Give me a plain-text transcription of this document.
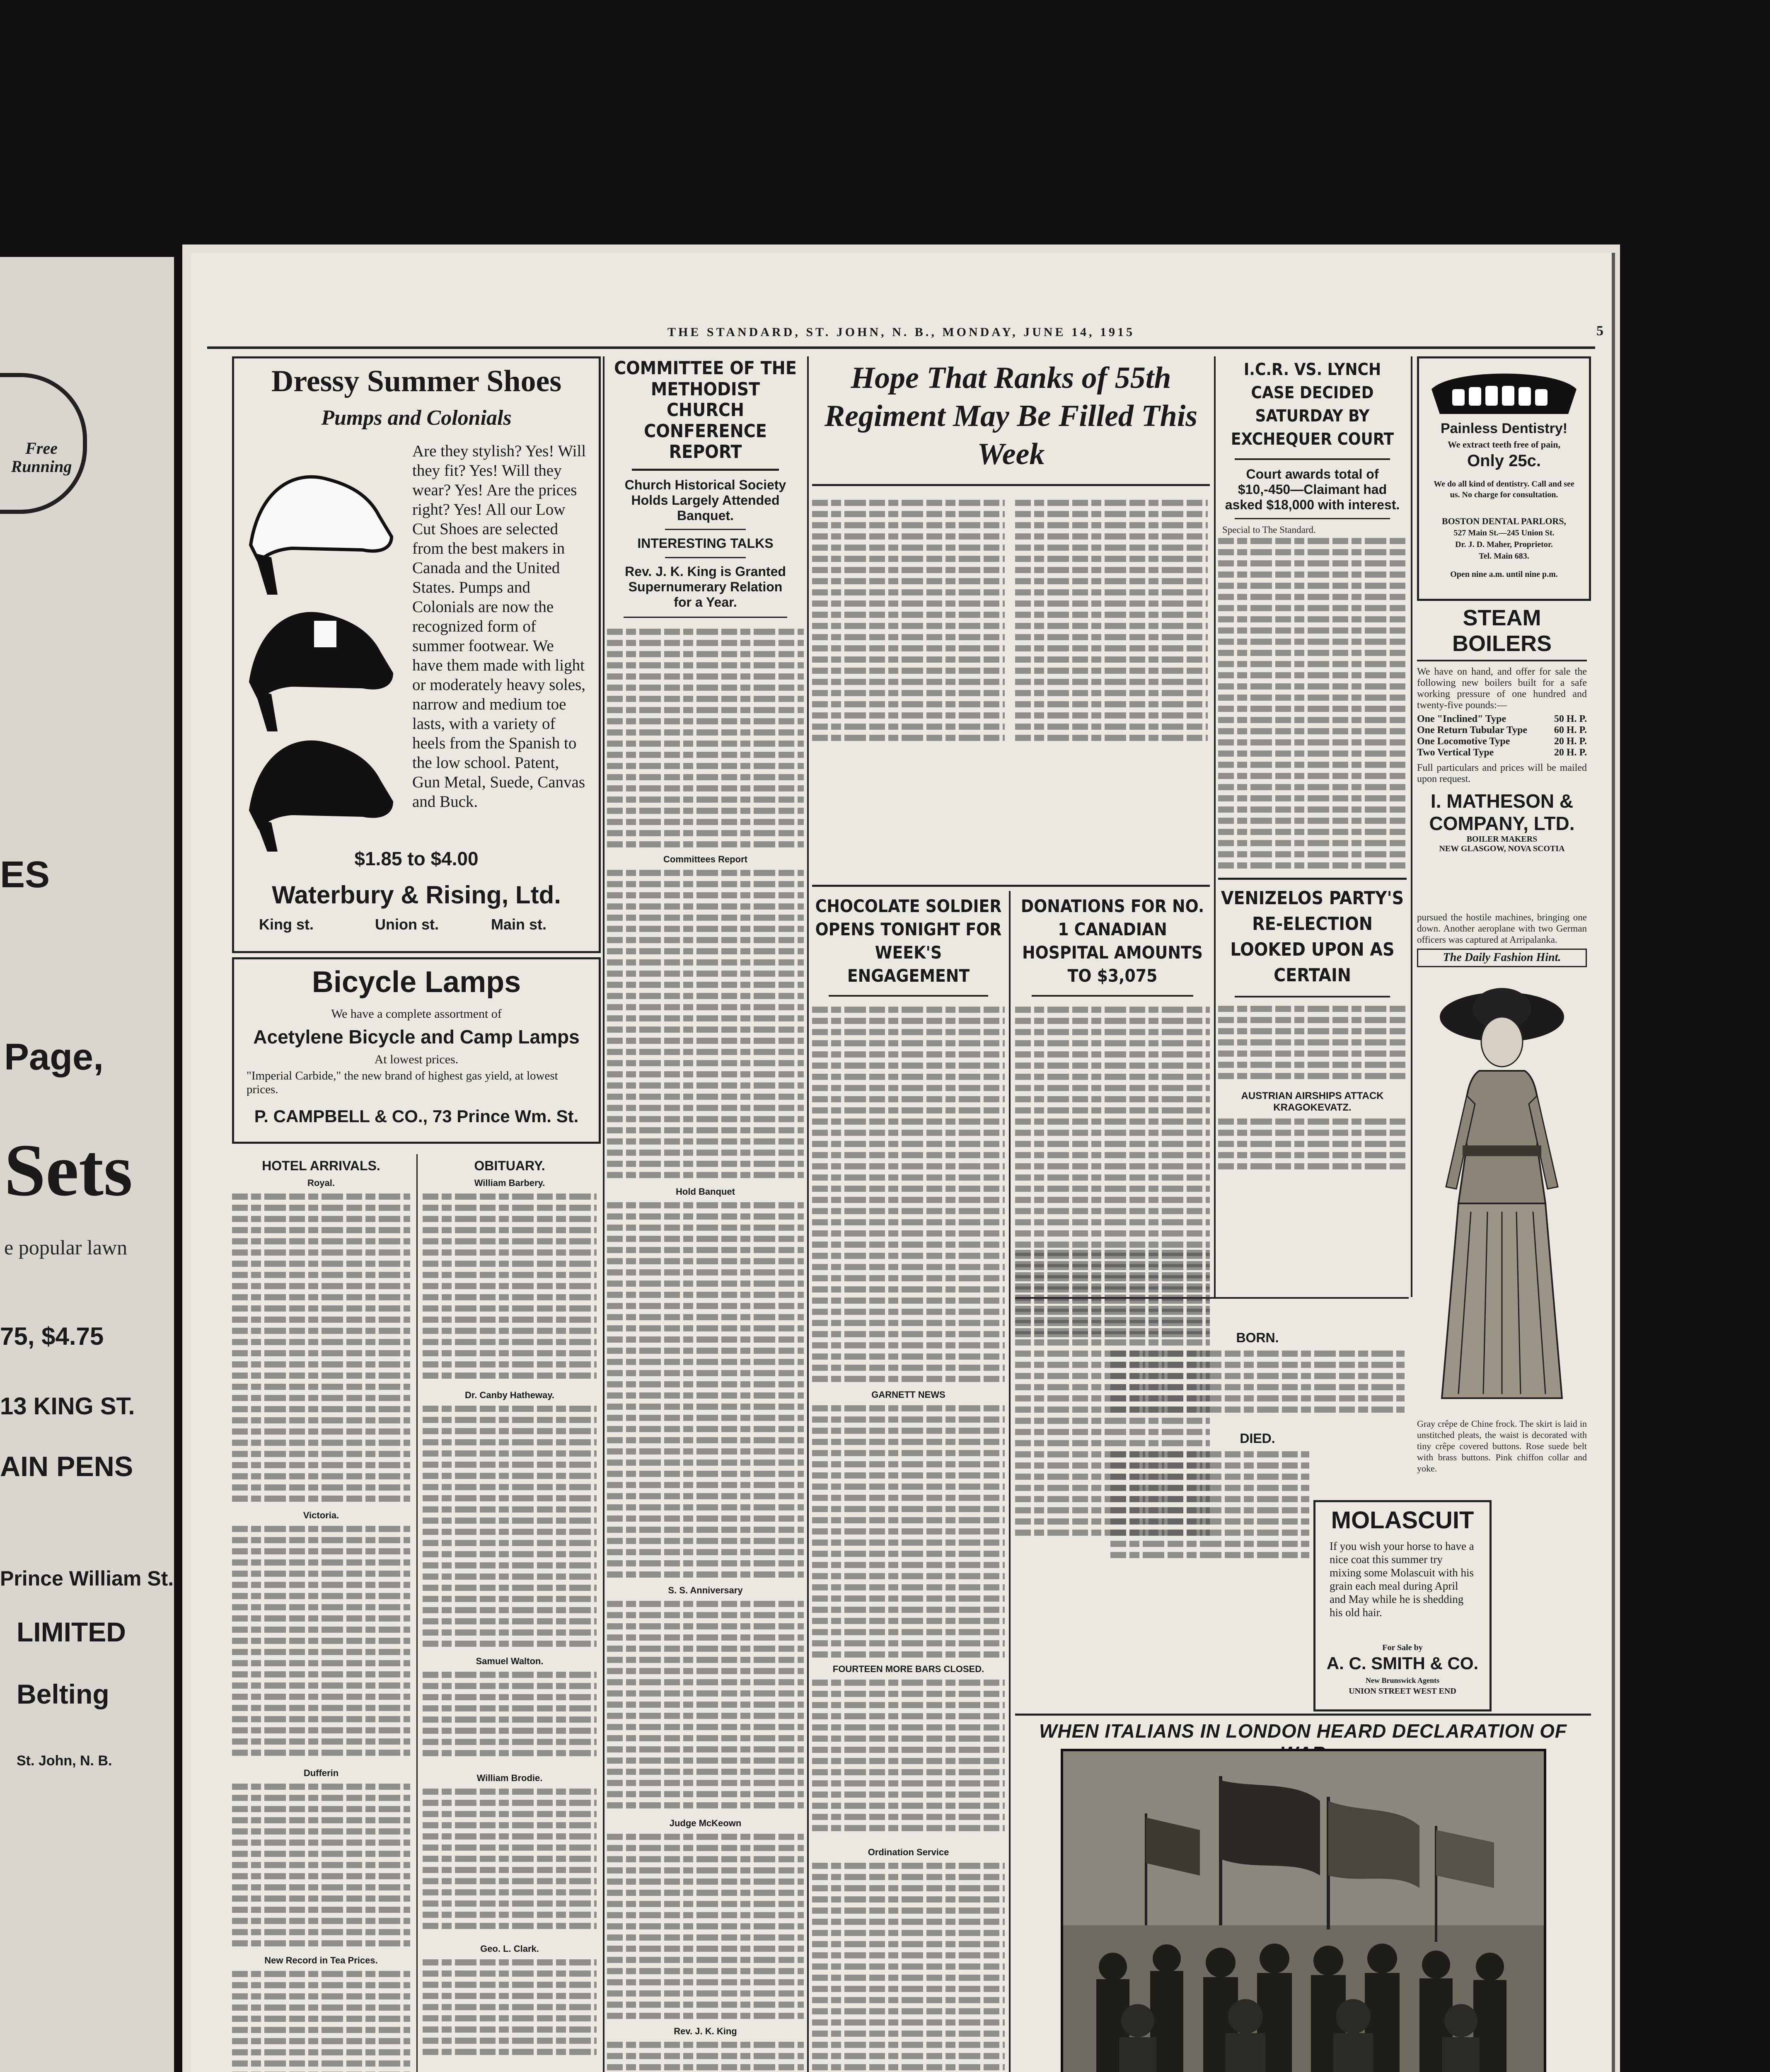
Free Running
ES
Page,
Sets
e popular lawn
75, $4.75
13 KING ST.
AIN PENS
Prince William St.
LIMITED
Belting
St. John, N. B.
THE STANDARD, ST. JOHN, N. B., MONDAY, JUNE 14, 1915	5
Dressy Summer Shoes
Pumps and Colonials
Are they stylish? Yes! Will they fit? Yes! Will they wear? Yes! Are the prices right? Yes! All our Low Cut Shoes are selected from the best makers in Canada and the United States. Pumps and Colonials are now the recognized form of summer footwear. We have them made with light or moderately heavy soles, narrow and medium toe lasts, with a variety of heels from the Spanish to the low school. Patent, Gun Metal, Suede, Canvas and Buck.
$1.85 to $4.00
Waterbury & Rising, Ltd.
King st.	Union st.	Main st.
Bicycle Lamps
We have a complete assortment of
Acetylene Bicycle and Camp Lamps
At lowest prices.
"Imperial Carbide," the new brand of highest gas yield, at lowest prices.
P. CAMPBELL & CO., 73 Prince Wm. St.
HOTEL ARRIVALS.
Royal.
Victoria.
Dufferin
New Record in Tea Prices.
OBITUARY.
William Barbery.
Dr. Canby Hatheway.
Samuel Walton.
William Brodie.
Geo. L. Clark.
COMMITTEE OF THE METHODIST CHURCH CONFERENCE REPORT
Church Historical Society Holds Largely Attended Banquet.
INTERESTING TALKS
Rev. J. K. King is Granted Supernumerary Relation for a Year.
Committees Report
Hold Banquet
S. S. Anniversary
Judge McKeown
Rev. J. K. King
Hope That Ranks of 55th Regiment May Be Filled This Week
CHOCOLATE SOLDIER OPENS TONIGHT FOR WEEK'S ENGAGEMENT
GARNETT NEWS
FOURTEEN MORE BARS CLOSED.
Ordination Service
DONATIONS FOR NO. 1 CANADIAN HOSPITAL AMOUNTS TO $3,075
I.C.R. VS. LYNCH CASE DECIDED SATURDAY BY EXCHEQUER COURT
Court awards total of $10,-450—Claimant had asked $18,000 with interest.
Special to The Standard.
VENIZELOS PARTY'S RE-ELECTION LOOKED UPON AS CERTAIN
AUSTRIAN AIRSHIPS ATTACK KRAGOKEVATZ.
BORN.
DIED.
MOLASCUIT
If you wish your horse to have a nice coat this summer try mixing some Molascuit with his grain each meal during April and May while he is shedding his old hair.
For Sale by
A. C. SMITH & CO.
New Brunswick Agents
UNION STREET WEST END
Painless Dentistry!
We extract teeth free of pain,
Only 25c.
We do all kind of dentistry. Call and see us. No charge for consultation.
BOSTON DENTAL PARLORS,
527 Main St.—245 Union St.
Dr. J. D. Maher, Proprietor.
Tel. Main 683.
Open nine a.m. until nine p.m.
STEAM BOILERS
We have on hand, and offer for sale the following new boilers built for a safe working pressure of one hundred and twenty-five pounds:—
One "Inclined" Type	50 H. P.
One Return Tubular Type	60 H. P.
One Locomotive Type	20 H. P.
Two Vertical Type	20 H. P.
Full particulars and prices will be mailed upon request.
I. MATHESON & COMPANY, LTD.
BOILER MAKERS
NEW GLASGOW, NOVA SCOTIA
pursued the hostile machines, bringing one down. Another aeroplane with two German officers was captured at Arripalanka.
The Daily Fashion Hint.
Gray crêpe de Chine frock. The skirt is laid in unstitched pleats, the waist is decorated with tiny crêpe covered buttons. Rose suede belt with brass buttons. Pink chiffon collar and yoke.
WHEN ITALIANS IN LONDON HEARD DECLARATION OF
